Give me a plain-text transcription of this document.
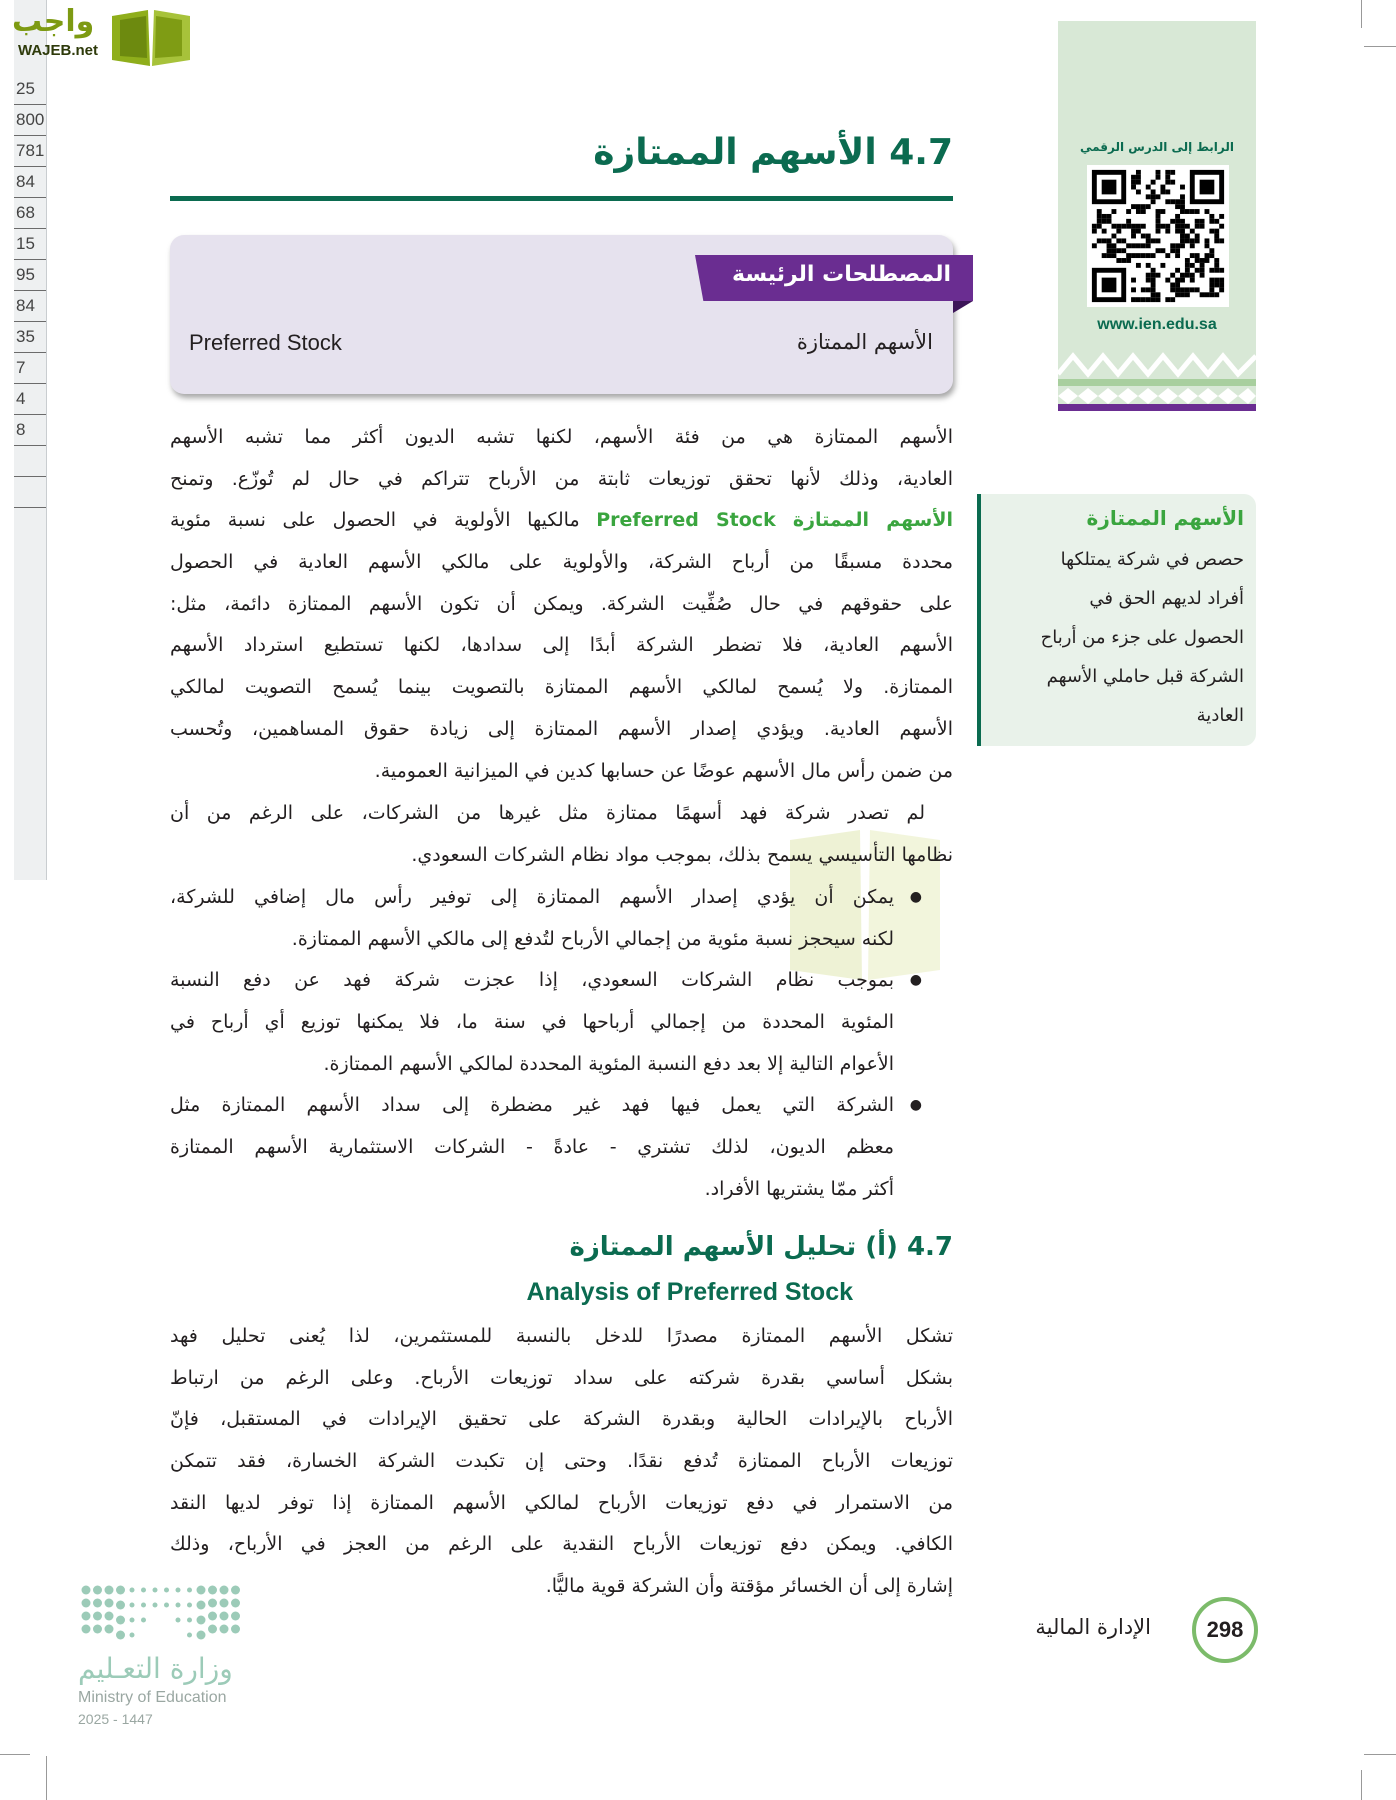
25
800
781
84
68
15
95
84
35
7
4
8
واجب
WAJEB.net
4.7 الأسهم الممتازة
المصطلحات الرئيسة
الأسهم الممتازة
Preferred Stock
الأسهم الممتازة هي من فئة الأسهم، لكنها تشبه الديون أكثر مما تشبه الأسهم
العادية، وذلك لأنها تحقق توزيعات ثابتة من الأرباح تتراكم في حال لم تُوزّع. وتمنح
الأسهم الممتازة Preferred Stock مالكيها الأولوية في الحصول على نسبة مئوية
محددة مسبقًا من أرباح الشركة، والأولوية على مالكي الأسهم العادية في الحصول
على حقوقهم في حال صُفِّيت الشركة. ويمكن أن تكون الأسهم الممتازة دائمة، مثل:
الأسهم العادية، فلا تضطر الشركة أبدًا إلى سدادها، لكنها تستطيع استرداد الأسهم
الممتازة. ولا يُسمح لمالكي الأسهم الممتازة بالتصويت بينما يُسمح التصويت لمالكي
الأسهم العادية. ويؤدي إصدار الأسهم الممتازة إلى زيادة حقوق المساهمين، وتُحسب
من ضمن رأس مال الأسهم عوضًا عن حسابها كدين في الميزانية العمومية.
لم تصدر شركة فهد أسهمًا ممتازة مثل غيرها من الشركات، على الرغم من أن
نظامها التأسيسي يسمح بذلك، بموجب مواد نظام الشركات السعودي.
●
يمكن أن يؤدي إصدار الأسهم الممتازة إلى توفير رأس مال إضافي للشركة،
لكنه سيحجز نسبة مئوية من إجمالي الأرباح لتُدفع إلى مالكي الأسهم الممتازة.
●
بموجب نظام الشركات السعودي، إذا عجزت شركة فهد عن دفع النسبة
المئوية المحددة من إجمالي أرباحها في سنة ما، فلا يمكنها توزيع أي أرباح في
الأعوام التالية إلا بعد دفع النسبة المئوية المحددة لمالكي الأسهم الممتازة.
●
الشركة التي يعمل فيها فهد غير مضطرة إلى سداد الأسهم الممتازة مثل
معظم الديون، لذلك تشتري - عادةً - الشركات الاستثمارية الأسهم الممتازة
أكثر ممّا يشتريها الأفراد.
4.7 (أ) تحليل الأسهم الممتازة
Analysis of Preferred Stock
تشكل الأسهم الممتازة مصدرًا للدخل بالنسبة للمستثمرين، لذا يُعنى تحليل فهد
بشكل أساسي بقدرة شركته على سداد توزيعات الأرباح. وعلى الرغم من ارتباط
الأرباح بالإيرادات الحالية وبقدرة الشركة على تحقيق الإيرادات في المستقبل، فإنّ
توزيعات الأرباح الممتازة تُدفع نقدًا. وحتى إن تكبدت الشركة الخسارة، فقد تتمكن
من الاستمرار في دفع توزيعات الأرباح لمالكي الأسهم الممتازة إذا توفر لديها النقد
الكافي. ويمكن دفع توزيعات الأرباح النقدية على الرغم من العجز في الأرباح، وذلك
إشارة إلى أن الخسائر مؤقتة وأن الشركة قوية ماليًّا.
الأسهم الممتازة
حصص في شركة يمتلكها
أفراد لديهم الحق في
الحصول على جزء من أرباح
الشركة قبل حاملي الأسهم
العادية
الرابط إلى الدرس الرقمي
www.ien.edu.sa
298
الإدارة المالية
وزارة التعـليم
Ministry of Education
2025 - 1447
